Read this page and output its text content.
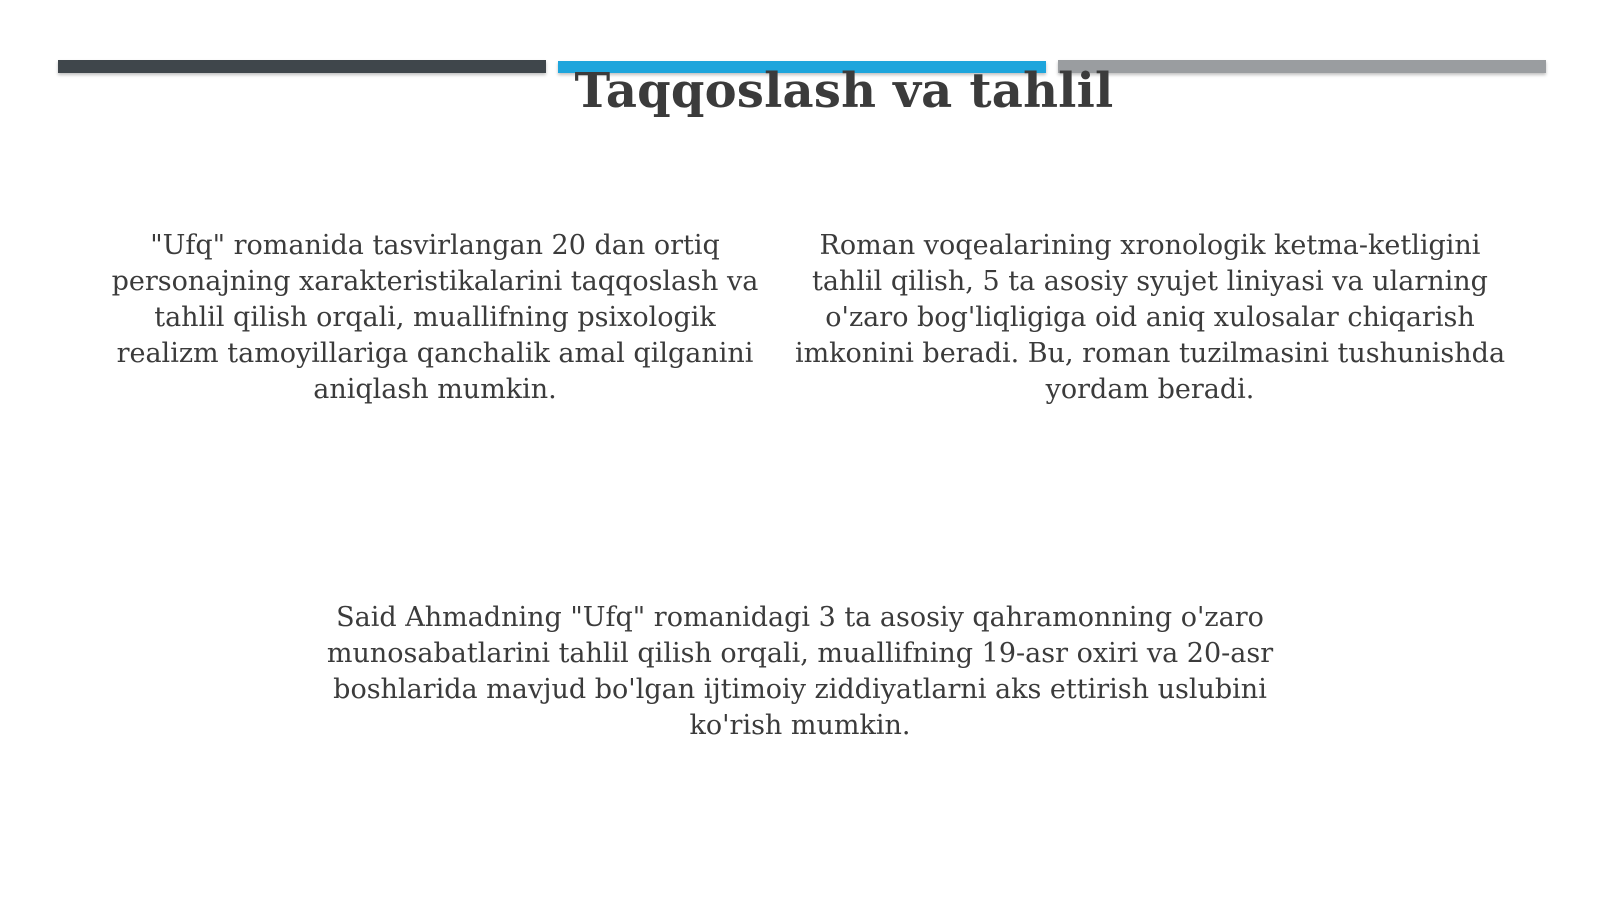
Taqqoslash va tahlil

"Ufq" romanida tasvirlangan 20 dan ortiq personajning xarakteristikalarini taqqoslash va tahlil qilish orqali, muallifning psixologik realizm tamoyillariga qanchalik amal qilganini aniqlash mumkin.

Roman voqealarining xronologik ketma-ketligini tahlil qilish, 5 ta asosiy syujet liniyasi va ularning o'zaro bog'liqligiga oid aniq xulosalar chiqarish imkonini beradi. Bu, roman tuzilmasini tushunishda yordam beradi.

Said Ahmadning "Ufq" romanidagi 3 ta asosiy qahramonning o'zaro munosabatlarini tahlil qilish orqali, muallifning 19-asr oxiri va 20-asr boshlarida mavjud bo'lgan ijtimoiy ziddiyatlarni aks ettirish uslubini ko'rish mumkin.
